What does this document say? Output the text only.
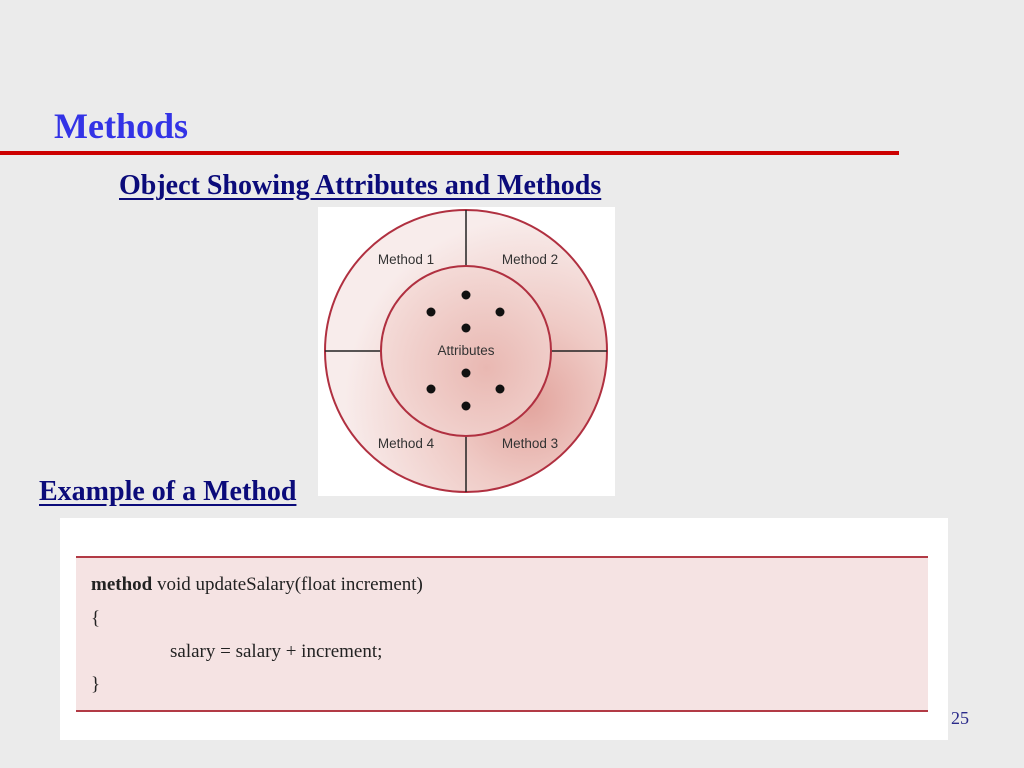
Methods
Object Showing Attributes and Methods
Attributes
Method 1	Method 2
Method 3
Method 4
Example of a Method
method void updateSalary(float increment)
{
salary = salary + increment;
}
25
